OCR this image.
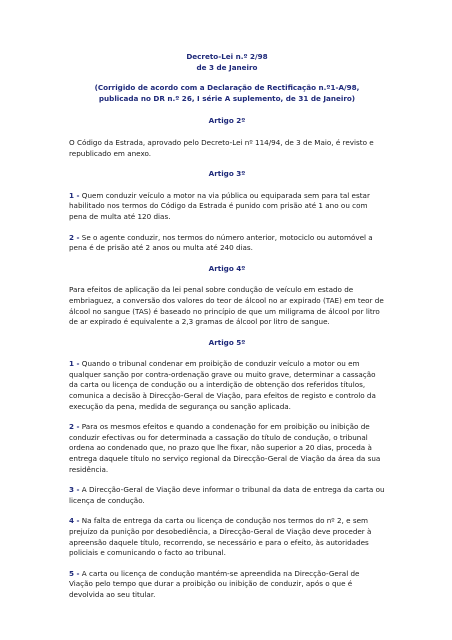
Decreto-Lei n.º 2/98
de 3 de Janeiro
(Corrigido de acordo com a Declaração de Rectificação n.º1-A/98,
publicada no DR n.º 26, I série A suplemento, de 31 de Janeiro)
Artigo 2º

O Código da Estrada, aprovado pelo Decreto-Lei nº 114/94, de 3 de Maio, é revisto e republicado em anexo.

Artigo 3º

1 - Quem conduzir veículo a motor na via pública ou equiparada sem para tal estar habilitado nos termos do Código da Estrada é punido com prisão até 1 ano ou com pena de multa até 120 dias.

2 - Se o agente conduzir, nos termos do número anterior, motociclo ou automóvel a pena é de prisão até 2 anos ou multa até 240 dias.

Artigo 4º

Para efeitos de aplicação da lei penal sobre condução de veículo em estado de embriaguez, a conversão dos valores do teor de álcool no ar expirado (TAE) em teor de álcool no sangue (TAS) é baseado no princípio de que um miligrama de álcool por litro de ar expirado é equivalente a 2,3 gramas de álcool por litro de sangue.

Artigo 5º

1 - Quando o tribunal condenar em proibição de conduzir veículo a motor ou em qualquer sanção por contra-ordenação grave ou muito grave, determinar a cassação da carta ou licença de condução ou a interdição de obtenção dos referidos títulos, comunica a decisão à Direcção-Geral de Viação, para efeitos de registo e controlo da execução da pena, medida de segurança ou sanção aplicada.

2 - Para os mesmos efeitos e quando a condenação for em proibição ou inibição de conduzir efectivas ou for determinada a cassação do título de condução, o tribunal ordena ao condenado que, no prazo que lhe fixar, não superior a 20 dias, proceda à entrega daquele título no serviço regional da Direcção-Geral de Viação da área da sua residência.

3 - A Direcção-Geral de Viação deve informar o tribunal da data de entrega da carta ou licença de condução.

4 - Na falta de entrega da carta ou licença de condução nos termos do nº 2, e sem prejuízo da punição por desobediência, a Direcção-Geral de Viação deve proceder à apreensão daquele título, recorrendo, se necessário e para o efeito, às autoridades policiais e comunicando o facto ao tribunal.

5 - A carta ou licença de condução mantém-se apreendida na Direcção-Geral de Viação pelo tempo que durar a proibição ou inibição de conduzir, após o que é devolvida ao seu titular.
